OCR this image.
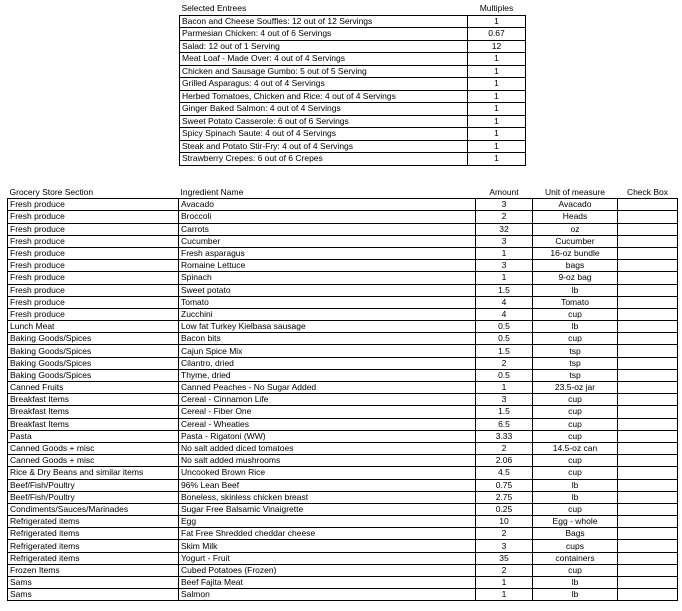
Selected Entrees	Multiples
Bacon and Cheese Souffles: 12 out of 12 Servings	1
Parmesian Chicken: 4 out of 6 Servings	0.67
Salad: 12 out of 1 Serving	12
Meat Loaf - Made Over: 4 out of 4 Servings	1
Chicken and Sausage Gumbo: 5 out of 5 Serving	1
Grilled Asparagus: 4 out of 4 Servings	1
Herbed Tomatoes, Chicken and Rice: 4 out of 4 Servings	1
Ginger Baked Salmon: 4 out of 4 Servings	1
Sweet Potato Casserole: 6 out of 6 Servings	1
Spicy Spinach Saute: 4 out of 4 Servings	1
Steak and Potato Stir-Fry: 4 out of 4 Servings	1
Strawberry Crepes: 6 out of 6 Crepes	1
Grocery Store Section	Ingredient Name	Amount	Unit of measure	Check Box
Fresh produce	Avacado	3	Avacado	
Fresh produce	Broccoli	2	Heads	
Fresh produce	Carrots	32	oz	
Fresh produce	Cucumber	3	Cucumber	
Fresh produce	Fresh asparagus	1	16-oz bundle	
Fresh produce	Romaine Lettuce	3	bags	
Fresh produce	Spinach	1	9-oz bag	
Fresh produce	Sweet potato	1.5	lb	
Fresh produce	Tomato	4	Tomato	
Fresh produce	Zucchini	4	cup	
Lunch Meat	Low fat Turkey Kielbasa sausage	0.5	lb	
Baking Goods/Spices	Bacon bits	0.5	cup	
Baking Goods/Spices	Cajun Spice Mix	1.5	tsp	
Baking Goods/Spices	Cilantro, dried	2	tsp	
Baking Goods/Spices	Thyme, dried	0.5	tsp	
Canned Fruits	Canned Peaches - No Sugar Added	1	23.5-oz jar	
Breakfast Items	Cereal - Cinnamon Life	3	cup	
Breakfast Items	Cereal - Fiber One	1.5	cup	
Breakfast Items	Cereal - Wheaties	6.5	cup	
Pasta	Pasta - Rigatoni (WW)	3.33	cup	
Canned Goods + misc	No salt added diced tomatoes	2	14.5-oz can	
Canned Goods + misc	No salt added mushrooms	2.06	cup	
Rice & Dry Beans and similar items	Uncooked Brown Rice	4.5	cup	
Beef/Fish/Poultry	96% Lean Beef	0.75	lb	
Beef/Fish/Poultry	Boneless, skinless chicken breast	2.75	lb	
Condiments/Sauces/Marinades	Sugar Free Balsamic Vinaigrette	0.25	cup	
Refrigerated items	Egg	10	Egg - whole	
Refrigerated items	Fat Free Shredded cheddar cheese	2	Bags	
Refrigerated items	Skim Milk	3	cups	
Refrigerated items	Yogurt - Fruit	35	containers	
Frozen Items	Cubed Potatoes (Frozen)	2	cup	
Sams	Beef Fajita Meat	1	lb	
Sams	Salmon	1	lb	
